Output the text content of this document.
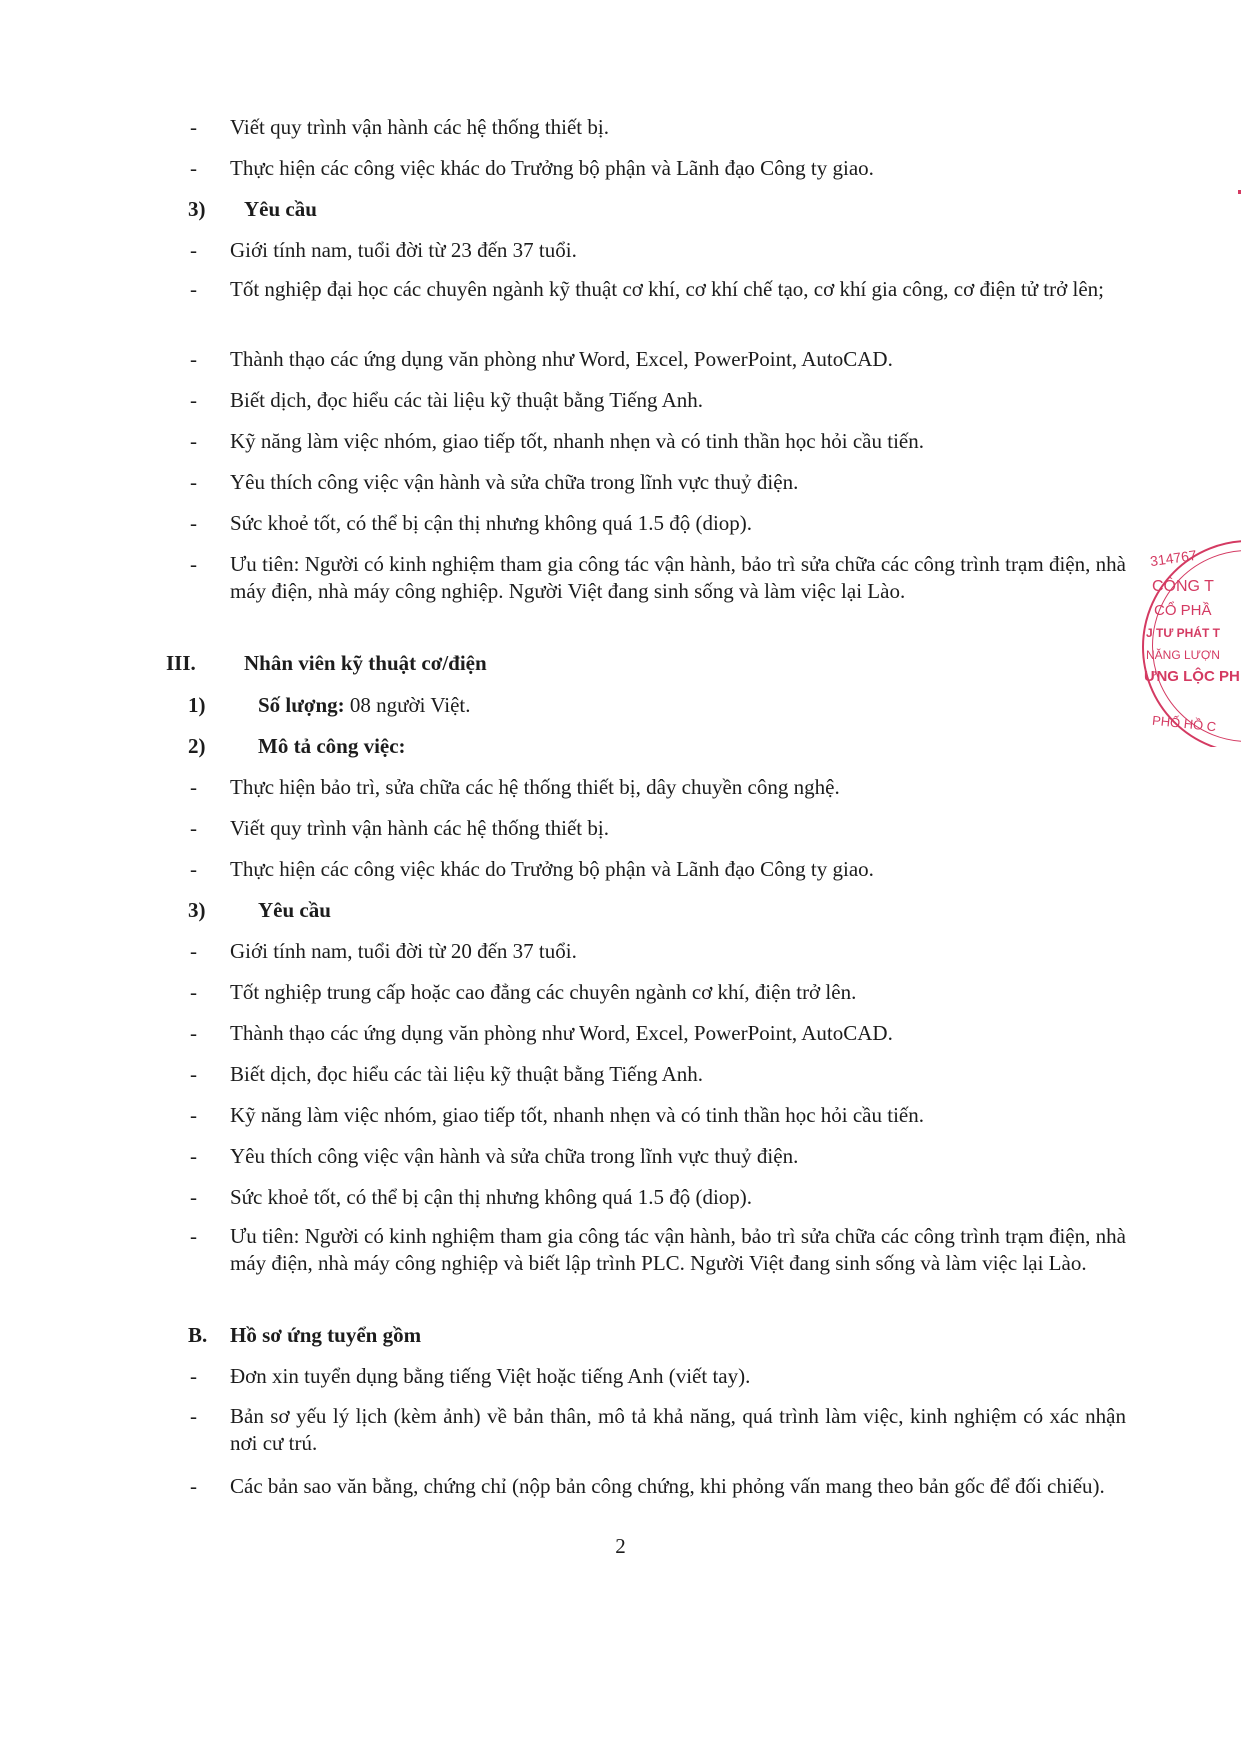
- Viết quy trình vận hành các hệ thống thiết bị.
- Thực hiện các công việc khác do Trưởng bộ phận và Lãnh đạo Công ty giao.
3) Yêu cầu
- Giới tính nam, tuổi đời từ 23 đến 37 tuổi.
- Tốt nghiệp đại học các chuyên ngành kỹ thuật cơ khí, cơ khí chế tạo, cơ khí gia công, cơ điện tử trở lên;
- Thành thạo các ứng dụng văn phòng như Word, Excel, PowerPoint, AutoCAD.
- Biết dịch, đọc hiểu các tài liệu kỹ thuật bằng Tiếng Anh.
- Kỹ năng làm việc nhóm, giao tiếp tốt, nhanh nhẹn và có tinh thần học hỏi cầu tiến.
- Yêu thích công việc vận hành và sửa chữa trong lĩnh vực thuỷ điện.
- Sức khoẻ tốt, có thể bị cận thị nhưng không quá 1.5 độ (diop).
- Ưu tiên: Người có kinh nghiệm tham gia công tác vận hành, bảo trì sửa chữa các công trình trạm điện, nhà máy điện, nhà máy công nghiệp. Người Việt đang sinh sống và làm việc lại Lào.
III. Nhân viên kỹ thuật cơ/điện
1)	Số lượng: 08 người Việt.
2)	Mô tả công việc:
- Thực hiện bảo trì, sửa chữa các hệ thống thiết bị, dây chuyền công nghệ.
- Viết quy trình vận hành các hệ thống thiết bị.
- Thực hiện các công việc khác do Trưởng bộ phận và Lãnh đạo Công ty giao.
3)	Yêu cầu
- Giới tính nam, tuổi đời từ 20 đến 37 tuổi.
- Tốt nghiệp trung cấp hoặc cao đẳng các chuyên ngành cơ khí, điện trở lên.
- Thành thạo các ứng dụng văn phòng như Word, Excel, PowerPoint, AutoCAD.
- Biết dịch, đọc hiểu các tài liệu kỹ thuật bằng Tiếng Anh.
- Kỹ năng làm việc nhóm, giao tiếp tốt, nhanh nhẹn và có tinh thần học hỏi cầu tiến.
- Yêu thích công việc vận hành và sửa chữa trong lĩnh vực thuỷ điện.
- Sức khoẻ tốt, có thể bị cận thị nhưng không quá 1.5 độ (diop).
- Ưu tiên: Người có kinh nghiệm tham gia công tác vận hành, bảo trì sửa chữa các công trình trạm điện, nhà máy điện, nhà máy công nghiệp và biết lập trình PLC. Người Việt đang sinh sống và làm việc lại Lào.
B. Hồ sơ ứng tuyển gồm
- Đơn xin tuyển dụng bằng tiếng Việt hoặc tiếng Anh (viết tay).
- Bản sơ yếu lý lịch (kèm ảnh) về bản thân, mô tả khả năng, quá trình làm việc, kinh nghiệm có xác nhận nơi cư trú.
- Các bản sao văn bằng, chứng chỉ (nộp bản công chứng, khi phỏng vấn mang theo bản gốc để đối chiếu).
2
314767
CÔNG T
CỔ PHẦ
J TƯ PHÁT T
NĂNG LƯỢN
ƯNG LỘC PH
PHỐ HỒ C
